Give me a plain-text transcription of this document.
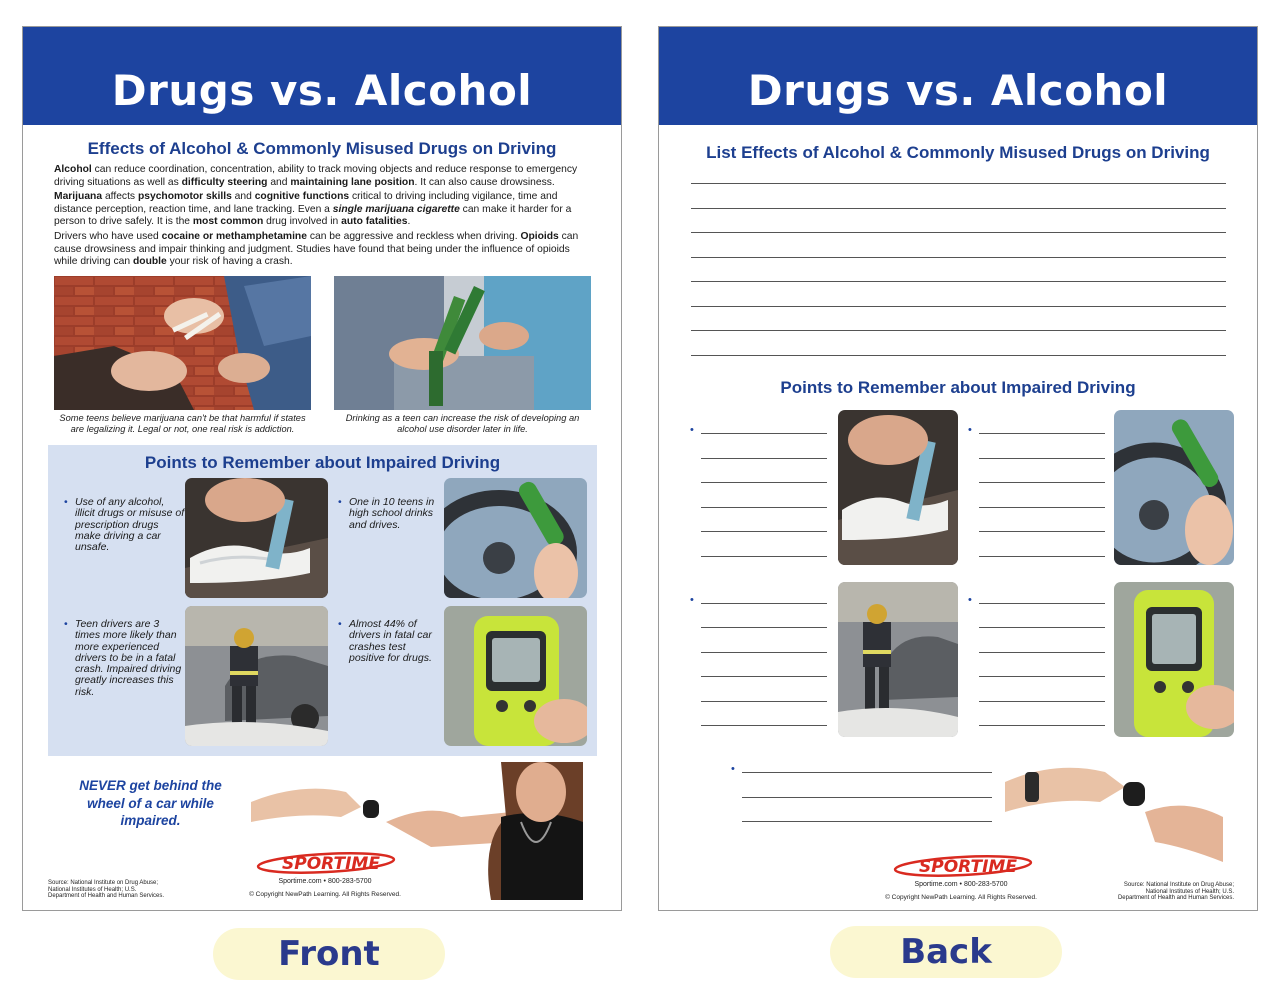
Drugs vs. Alcohol
Effects of Alcohol & Commonly Misused Drugs on Driving

Alcohol can reduce coordination, concentration, ability to track moving objects and reduce response to emergency driving situations as well as difficulty steering and maintaining lane position. It can also cause drowsiness.

Marijuana affects psychomotor skills and cognitive functions critical to driving including vigilance, time and distance perception, reaction time, and lane tracking. Even a single marijuana cigarette can make it harder for a person to drive safely. It is the most common drug involved in auto fatalities.

Drivers who have used cocaine or methamphetamine can be aggressive and reckless when driving. Opioids can cause drowsiness and impair thinking and judgment. Studies have found that being under the influence of opioids while driving can double your risk of having a crash.

Some teens believe marijuana can't be that harmful if states are legalizing it. Legal or not, one real risk is addiction.
Drinking as a teen can increase the risk of developing an alcohol use disorder later in life.
Points to Remember about Impaired Driving
• Use of any alcohol, illicit drugs or misuse of prescription drugs make driving a car unsafe.
• One in 10 teens in high school drinks and drives.
• Teen drivers are 3 times more likely than more experienced drivers to be in a fatal crash. Impaired driving greatly increases this risk.
• Almost 44% of drivers in fatal car crashes test positive for drugs.
NEVER get behind the wheel of a car while impaired.
Source: National Institute on Drug Abuse; National Institutes of Health; U.S. Department of Health and Human Services.
SPORTIME
Sportime.com • 800-283-5700
© Copyright NewPath Learning. All Rights Reserved.
Drugs vs. Alcohol
List Effects of Alcohol & Commonly Misused Drugs on Driving
Points to Remember about Impaired Driving
•	•
•	•
•
SPORTIME
Sportime.com • 800-283-5700
© Copyright NewPath Learning. All Rights Reserved.
Source: National Institute on Drug Abuse; National Institutes of Health; U.S. Department of Health and Human Services.
Front	Back
